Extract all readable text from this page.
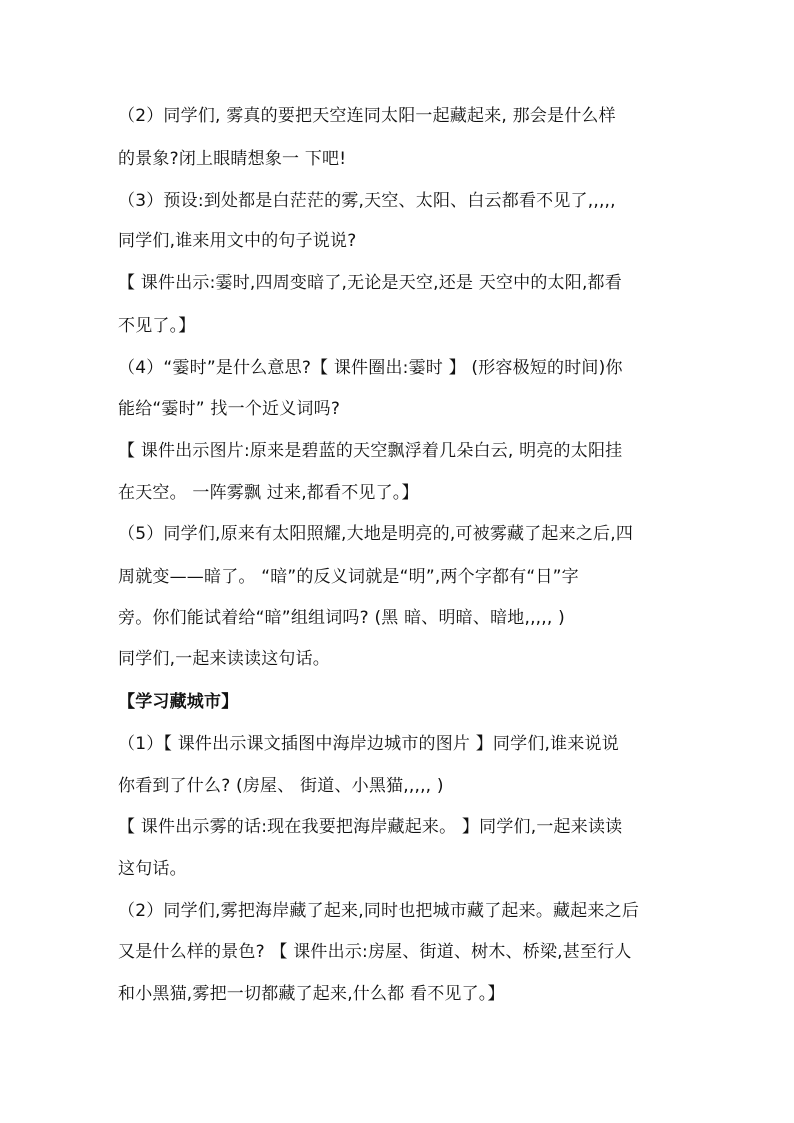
（2）同学们, 雾真的要把天空连同太阳一起藏起来, 那会是什么样
的景象?闭上眼睛想象一 下吧!
（3）预设:到处都是白茫茫的雾,天空、太阳、白云都看不见了,,,,,
同学们,谁来用文中的句子说说?
【 课件出示:霎时,四周变暗了,无论是天空,还是 天空中的太阳,都看
不见了。】
（4）“霎时”是什么意思?【 课件圈出:霎时 】 (形容极短的时间)你
能给“霎时” 找一个近义词吗?
【 课件出示图片:原来是碧蓝的天空飘浮着几朵白云, 明亮的太阳挂
在天空。 一阵雾飘 过来,都看不见了。】
（5）同学们,原来有太阳照耀,大地是明亮的,可被雾藏了起来之后,四
周就变——暗了。 “暗”的反义词就是“明”,两个字都有“日”字
旁。你们能试着给“暗”组组词吗? (黑 暗、明暗、暗地,,,,, )
同学们,一起来读读这句话。
【学习藏城市】
（1）【 课件出示课文插图中海岸边城市的图片 】同学们,谁来说说
你看到了什么? (房屋、 街道、小黑猫,,,,, )
【 课件出示雾的话:现在我要把海岸藏起来。 】同学们,一起来读读
这句话。
（2）同学们,雾把海岸藏了起来,同时也把城市藏了起来。藏起来之后
又是什么样的景色? 【 课件出示:房屋、街道、树木、桥梁,甚至行人
和小黑猫,雾把一切都藏了起来,什么都 看不见了。】
